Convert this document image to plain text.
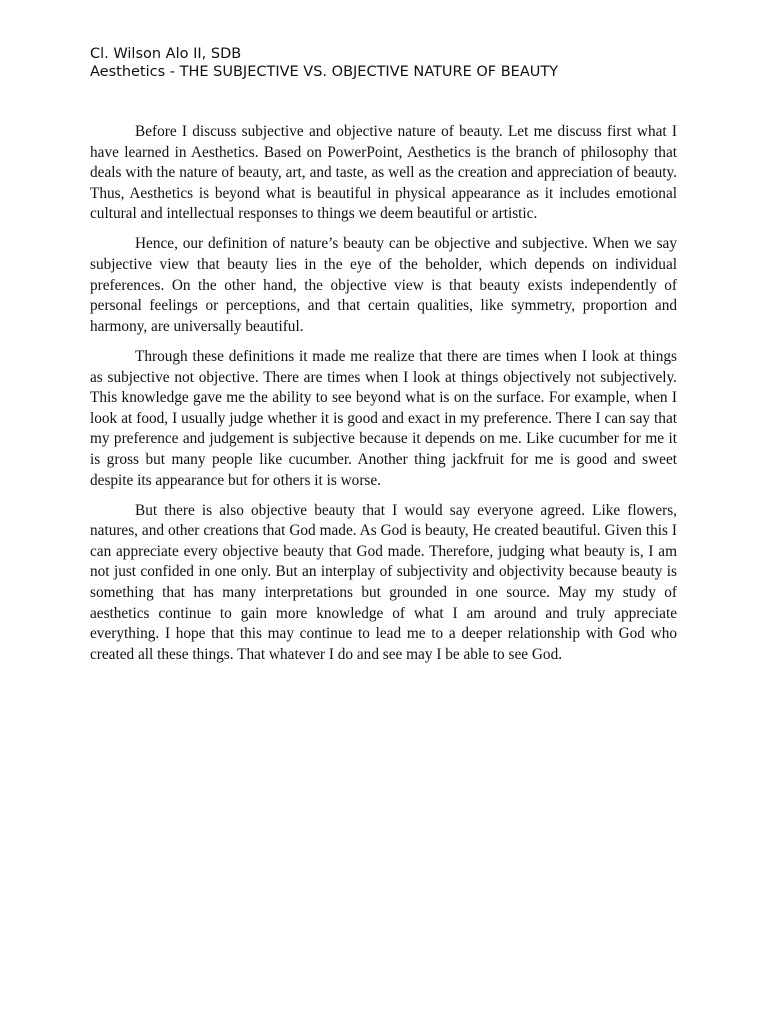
Cl. Wilson Alo II, SDB
Aesthetics - THE SUBJECTIVE VS. OBJECTIVE NATURE OF BEAUTY

Before I discuss subjective and objective nature of beauty. Let me discuss first what I have learned in Aesthetics. Based on PowerPoint, Aesthetics is the branch of philosophy that deals with the nature of beauty, art, and taste, as well as the creation and appreciation of beauty. Thus, Aesthetics is beyond what is beautiful in physical appearance as it includes emotional cultural and intellectual responses to things we deem beautiful or artistic.

Hence, our definition of nature’s beauty can be objective and subjective. When we say subjective view that beauty lies in the eye of the beholder, which depends on individual preferences. On the other hand, the objective view is that beauty exists independently of personal feelings or perceptions, and that certain qualities, like symmetry, proportion and harmony, are universally beautiful.

Through these definitions it made me realize that there are times when I look at things as subjective not objective. There are times when I look at things objectively not subjectively. This knowledge gave me the ability to see beyond what is on the surface. For example, when I look at food, I usually judge whether it is good and exact in my preference. There I can say that my preference and judgement is subjective because it depends on me. Like cucumber for me it is gross but many people like cucumber. Another thing jackfruit for me is good and sweet despite its appearance but for others it is worse.

But there is also objective beauty that I would say everyone agreed. Like flowers, natures, and other creations that God made. As God is beauty, He created beautiful. Given this I can appreciate every objective beauty that God made. Therefore, judging what beauty is, I am not just confided in one only. But an interplay of subjectivity and objectivity because beauty is something that has many interpretations but grounded in one source. May my study of aesthetics continue to gain more knowledge of what I am around and truly appreciate everything. I hope that this may continue to lead me to a deeper relationship with God who created all these things. That whatever I do and see may I be able to see God.
